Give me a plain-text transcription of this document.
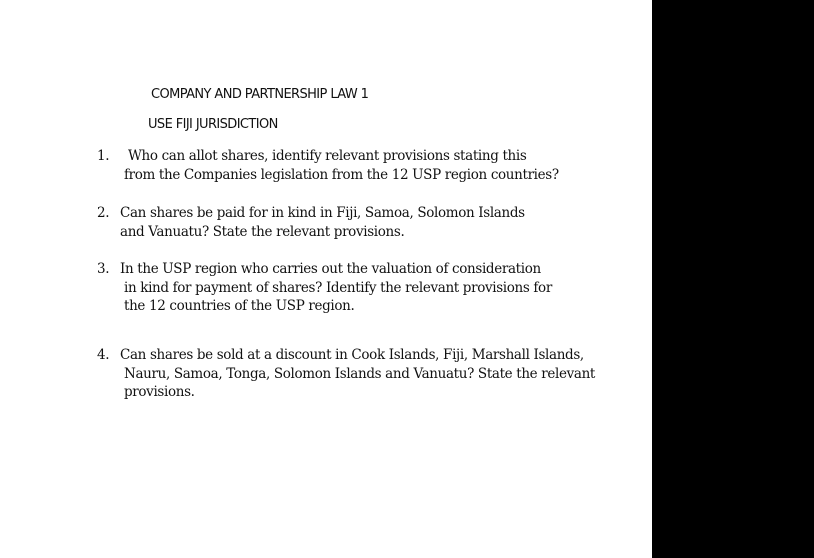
COMPANY AND PARTNERSHIP LAW 1
USE FIJI JURISDICTION
1.	Who can allot shares, identify relevant provisions stating this
from the Companies legislation from the 12 USP region countries?
2. Can shares be paid for in kind in Fiji, Samoa, Solomon Islands
and Vanuatu? State the relevant provisions.
3. In the USP region who carries out the valuation of consideration
in kind for payment of shares? Identify the relevant provisions for
the 12 countries of the USP region.
4. Can shares be sold at a discount in Cook Islands, Fiji, Marshall Islands,
Nauru, Samoa, Tonga, Solomon Islands and Vanuatu? State the relevant
provisions.
